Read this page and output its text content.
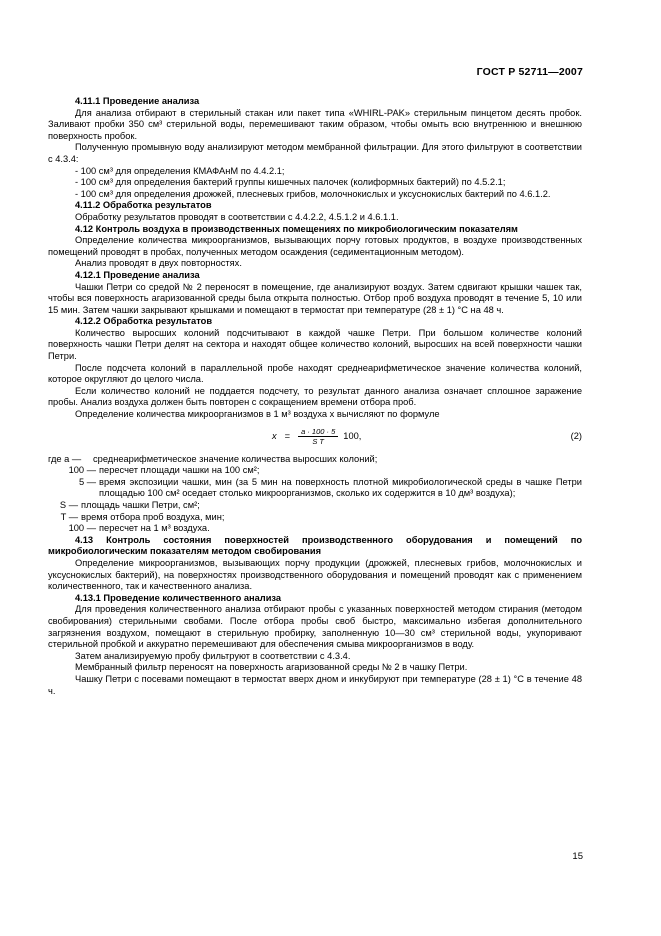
ГОСТ Р 52711—2007

4.11.1 Проведение анализа

Для анализа отбирают в стерильный стакан или пакет типа «WHIRL-PAK» стерильным пинцетом десять пробок. Заливают пробки 350 см³ стерильной воды, перемешивают таким образом, чтобы омыть всю внутреннюю и внешнюю поверхность пробок.

Полученную промывную воду анализируют методом мембранной фильтрации. Для этого фильтруют в соответствии с 4.3.4:

- 100 см³ для определения КМАФАнМ по 4.4.2.1;

- 100 см³ для определения бактерий группы кишечных палочек (колиформных бактерий) по 4.5.2.1;

- 100 см³ для определения дрожжей, плесневых грибов, молочнокислых и уксуснокислых бактерий по 4.6.1.2.

4.11.2 Обработка результатов

Обработку результатов проводят в соответствии с 4.4.2.2, 4.5.1.2 и 4.6.1.1.

4.12 Контроль воздуха в производственных помещениях по микробиологическим показателям

Определение количества микроорганизмов, вызывающих порчу готовых продуктов, в воздухе производственных помещений проводят в пробах, полученных методом осаждения (седиментационным методом).

Анализ проводят в двух повторностях.

4.12.1 Проведение анализа

Чашки Петри со средой № 2 переносят в помещение, где анализируют воздух. Затем сдвигают крышки чашек так, чтобы вся поверхность агаризованной среды была открыта полностью. Отбор проб воздуха проводят в течение 5, 10 или 15 мин. Затем чашки закрывают крышками и помещают в термостат при температуре (28 ± 1) °С на 48 ч.

4.12.2 Обработка результатов

Количество выросших колоний подсчитывают в каждой чашке Петри. При большом количестве колоний поверхность чашки Петри делят на сектора и находят общее количество колоний, выросших на всей поверхности чашки Петри.

После подсчета колоний в параллельной пробе находят среднеарифметическое значение количества колоний, которое округляют до целого числа.

Если количество колоний не поддается подсчету, то результат данного анализа означает сплошное заражение пробы. Анализ воздуха должен быть повторен с сокращением времени отбора проб.

Определение количества микроорганизмов в 1 м³ воздуха x вычисляют по формуле

$x = \frac{a \cdot 100 \cdot 5}{\text{S T}} 100$,	(2)
где a —	среднеарифметическое значение количества выросших колоний;
100 — пересчет площади чашки на 100 см²;
5 — время экспозиции чашки, мин (за 5 мин на поверхность плотной микробиологической среды в чашке Петри площадью 100 см² оседает столько микроорганизмов, сколько их содержится в 10 дм³ воздуха);
S — площадь чашки Петри, см²;
T — время отбора проб воздуха, мин;
100 — пересчет на 1 м³ воздуха.

4.13 Контроль состояния поверхностей производственного оборудования и помещений по микробиологическим показателям методом свобирования

Определение микроорганизмов, вызывающих порчу продукции (дрожжей, плесневых грибов, молочнокислых и уксуснокислых бактерий), на поверхностях производственного оборудования и помещений проводят как с применением количественного, так и качественного анализа.

4.13.1 Проведение количественного анализа

Для проведения количественного анализа отбирают пробы с указанных поверхностей методом стирания (методом свобирования) стерильными свобами. После отбора пробы своб быстро, максимально избегая дополнительного загрязнения воздухом, помещают в стерильную пробирку, заполненную 10—30 см³ стерильной воды, укупоривают стерильной пробкой и аккуратно перемешивают для обеспечения смыва микроорганизмов в воду.

Затем анализируемую пробу фильтруют в соответствии с 4.3.4.

Мембранный фильтр переносят на поверхность агаризованной среды № 2 в чашку Петри.

Чашку Петри с посевами помещают в термостат вверх дном и инкубируют при температуре (28 ± 1) °С в течение 48 ч.

15
